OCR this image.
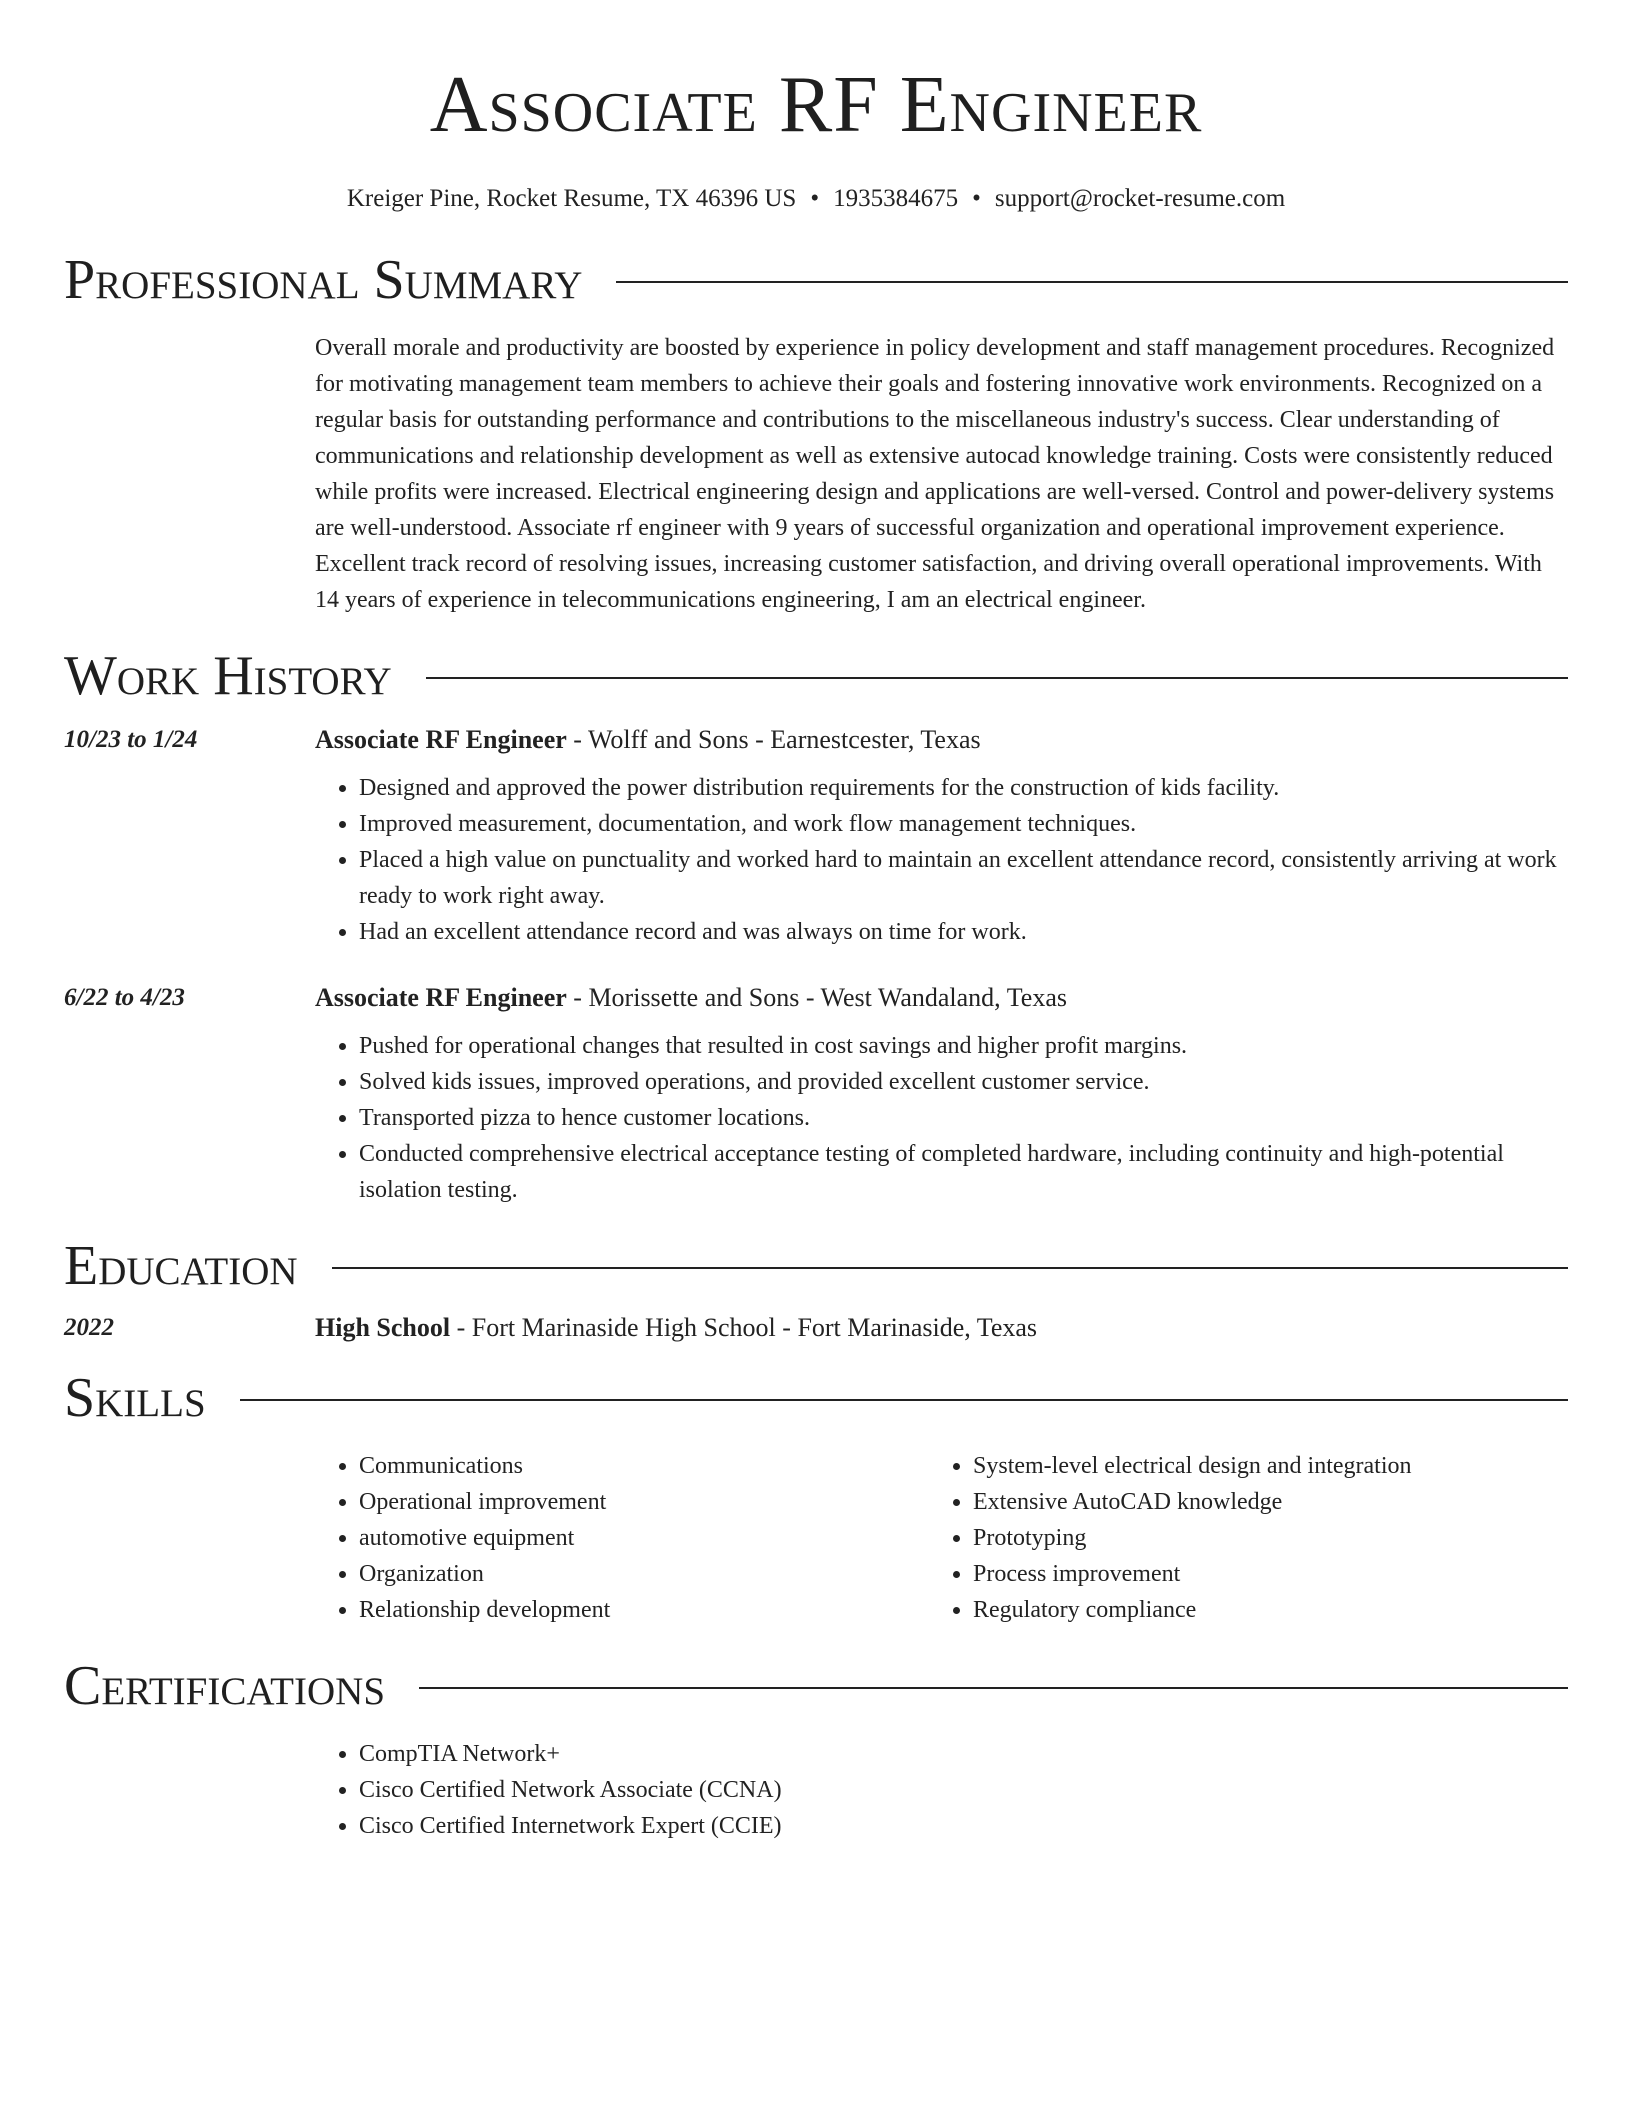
Associate RF Engineer
Kreiger Pine, Rocket Resume, TX 46396 US • 1935384675 • support@rocket-resume.com
Professional Summary
Overall morale and productivity are boosted by experience in policy development and staff management procedures. Recognized for motivating management team members to achieve their goals and fostering innovative work environments. Recognized on a regular basis for outstanding performance and contributions to the miscellaneous industry's success. Clear understanding of communications and relationship development as well as extensive autocad knowledge training. Costs were consistently reduced while profits were increased. Electrical engineering design and applications are well-versed. Control and power-delivery systems are well-understood. Associate rf engineer with 9 years of successful organization and operational improvement experience. Excellent track record of resolving issues, increasing customer satisfaction, and driving overall operational improvements. With 14 years of experience in telecommunications engineering, I am an electrical engineer.
Work History
10/23 to 1/24	Associate RF Engineer - Wolff and Sons - Earnestcester, Texas
• Designed and approved the power distribution requirements for the construction of kids facility.
• Improved measurement, documentation, and work flow management techniques.
• Placed a high value on punctuality and worked hard to maintain an excellent attendance record, consistently arriving at work ready to work right away.
• Had an excellent attendance record and was always on time for work.
6/22 to 4/23	Associate RF Engineer - Morissette and Sons - West Wandaland, Texas
• Pushed for operational changes that resulted in cost savings and higher profit margins.
• Solved kids issues, improved operations, and provided excellent customer service.
• Transported pizza to hence customer locations.
• Conducted comprehensive electrical acceptance testing of completed hardware, including continuity and high-potential isolation testing.
Education
2022	High School - Fort Marinaside High School - Fort Marinaside, Texas
Skills
• Communications
• Operational improvement
• automotive equipment
• Organization
• Relationship development
• System-level electrical design and integration
• Extensive AutoCAD knowledge
• Prototyping
• Process improvement
• Regulatory compliance
Certifications
• CompTIA Network+
• Cisco Certified Network Associate (CCNA)
• Cisco Certified Internetwork Expert (CCIE)
